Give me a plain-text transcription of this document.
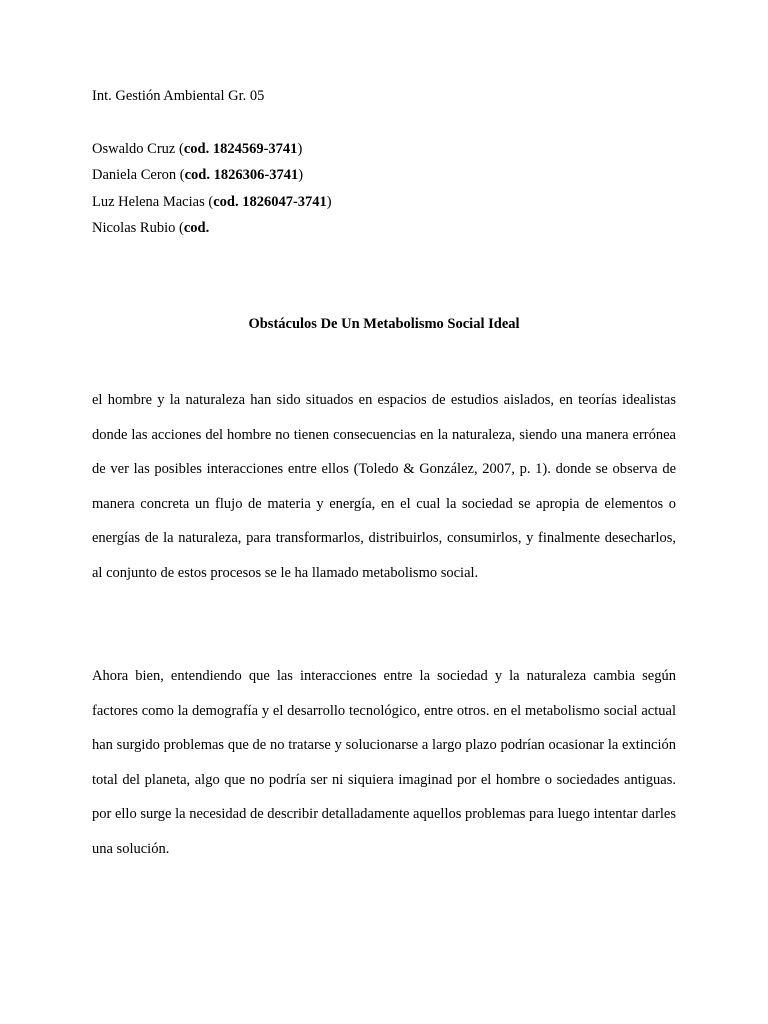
Int. Gestión Ambiental Gr. 05

Oswaldo Cruz (cod. 1824569-3741)
Daniela Ceron (cod. 1826306-3741)
Luz Helena Macias (cod. 1826047-3741)
Nicolas Rubio (cod.
Obstáculos De Un Metabolismo Social Ideal

el hombre y la naturaleza han sido situados en espacios de estudios aislados, en teorías idealistas donde las acciones del hombre no tienen consecuencias en la naturaleza, siendo una manera errónea de ver las posibles interacciones entre ellos (Toledo & González, 2007, p. 1). donde se observa de manera concreta un flujo de materia y energía, en el cual la sociedad se apropia de elementos o energías de la naturaleza, para transformarlos, distribuirlos, consumirlos, y finalmente desecharlos, al conjunto de estos procesos se le ha llamado metabolismo social.

Ahora bien, entendiendo que las interacciones entre la sociedad y la naturaleza cambia según factores como la demografía y el desarrollo tecnológico, entre otros. en el metabolismo social actual han surgido problemas que de no tratarse y solucionarse a largo plazo podrían ocasionar la extinción total del planeta, algo que no podría ser ni siquiera imaginad por el hombre o sociedades antiguas. por ello surge la necesidad de describir detalladamente aquellos problemas para luego intentar darles una solución.
